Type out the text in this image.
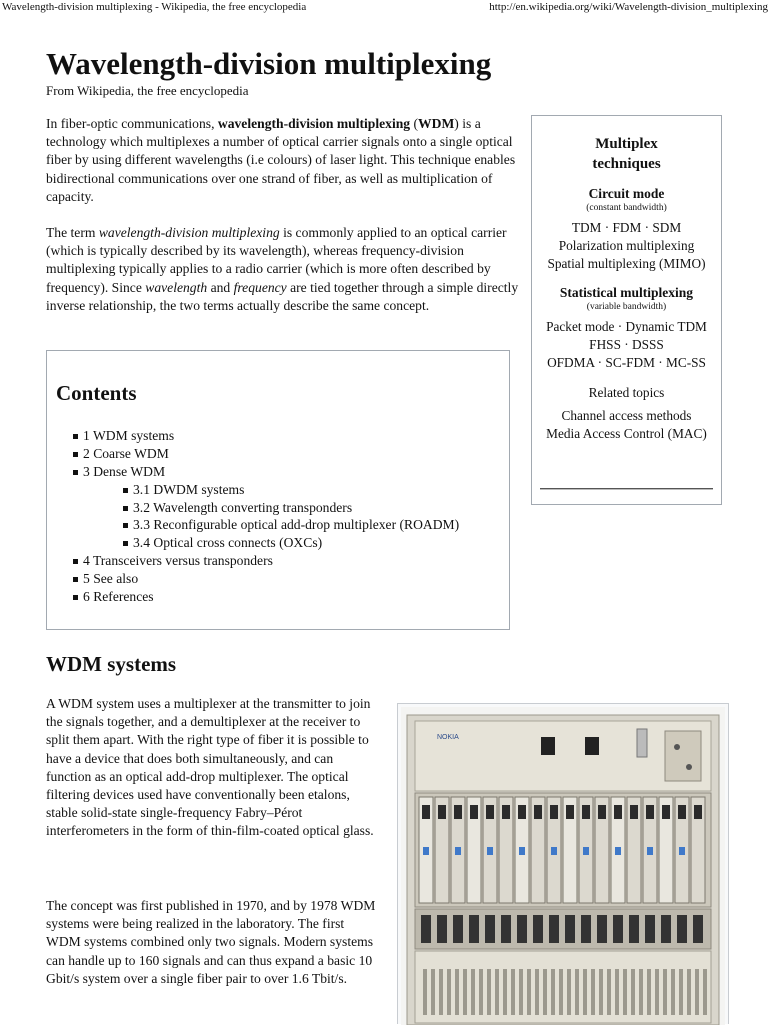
Wavelength-division multiplexing - Wikipedia, the free encyclopedia	http://en.wikipedia.org/wiki/Wavelength-division_multiplexing
Wavelength-division multiplexing
From Wikipedia, the free encyclopedia

In fiber-optic communications, wavelength-division multiplexing (WDM) is a technology which multiplexes a number of optical carrier signals onto a single optical fiber by using different wavelengths (i.e colours) of laser light. This technique enables bidirectional communications over one strand of fiber, as well as multiplication of capacity.

The term wavelength-division multiplexing is commonly applied to an optical carrier (which is typically described by its wavelength), whereas frequency-division multiplexing typically applies to a radio carrier (which is more often described by frequency). Since wavelength and frequency are tied together through a simple directly inverse relationship, the two terms actually describe the same concept.

Multiplex techniques
Circuit mode
(constant bandwidth)
TDM · FDM · SDM
Polarization multiplexing
Spatial multiplexing (MIMO)
Statistical multiplexing
(variable bandwidth)
Packet mode · Dynamic TDM
FHSS · DSSS
OFDMA · SC-FDM · MC-SS
Related topics
Channel access methods
Media Access Control (MAC)
Contents
1 WDM systems
2 Coarse WDM
3 Dense WDM
3.1 DWDM systems
3.2 Wavelength converting transponders
3.3 Reconfigurable optical add-drop multiplexer (ROADM)
3.4 Optical cross connects (OXCs)
4 Transceivers versus transponders
5 See also
6 References
WDM systems

A WDM system uses a multiplexer at the transmitter to join the signals together, and a demultiplexer at the receiver to split them apart. With the right type of fiber it is possible to have a device that does both simultaneously, and can function as an optical add-drop multiplexer. The optical filtering devices used have conventionally been etalons, stable solid-state single-frequency Fabry–Pérot interferometers in the form of thin-film-coated optical glass.

The concept was first published in 1970, and by 1978 WDM systems were being realized in the laboratory. The first WDM systems combined only two signals. Modern systems can handle up to 160 signals and can thus expand a basic 10 Gbit/s system over a single fiber pair to over 1.6 Tbit/s.

NOKIA
